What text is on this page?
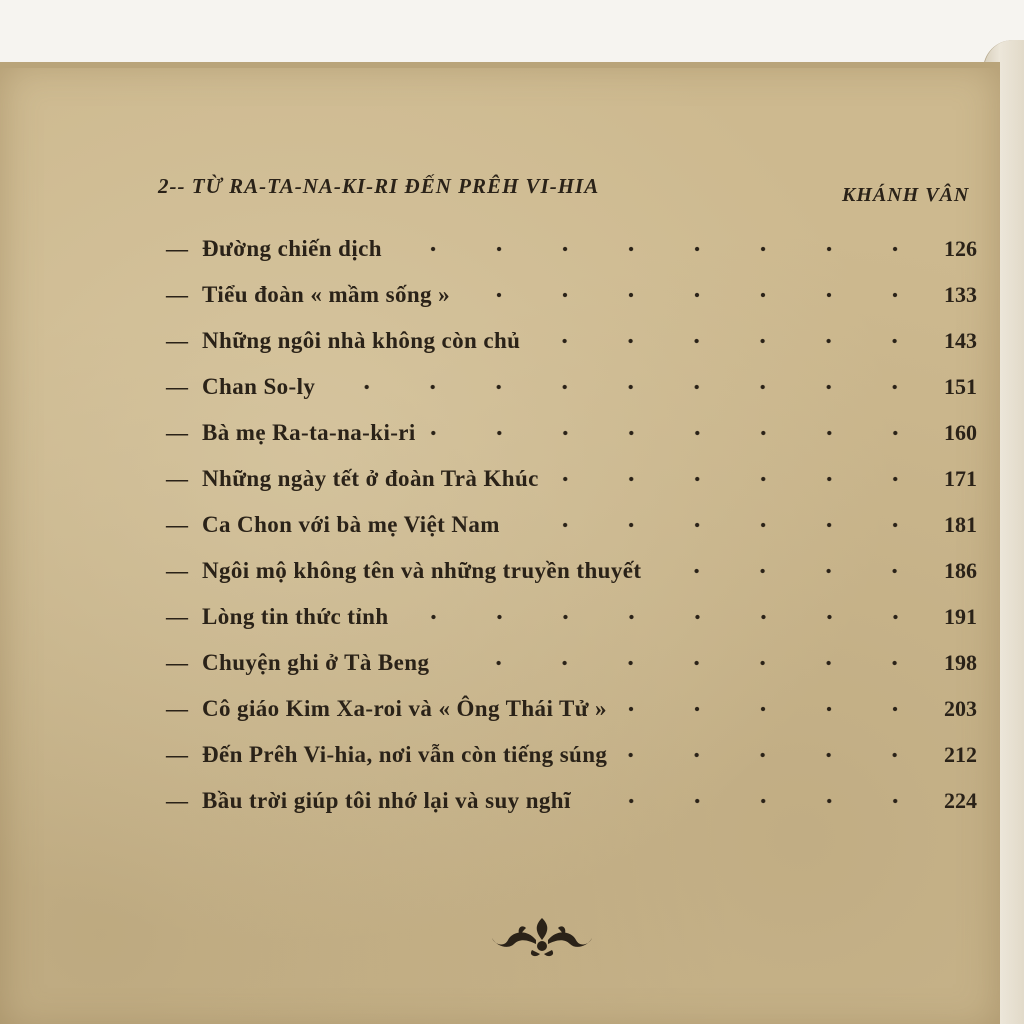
2-- TỪ RA-TA-NA-KI-RI ĐẾN PRÊH VI-HIA	KHÁNH VÂN
— Đường chiến dịch	126
— Tiểu đoàn « mầm sống »	133
— Những ngôi nhà không còn chủ	143
— Chan So-ly	151
— Bà mẹ Ra-ta-na-ki-ri	160
— Những ngày tết ở đoàn Trà Khúc	171
— Ca Chon với bà mẹ Việt Nam	181
— Ngôi mộ không tên và những truyền thuyết	186
— Lòng tin thức tỉnh	191
— Chuyện ghi ở Tà Beng	198
— Cô giáo Kim Xa-roi và « Ông Thái Tử »	203
— Đến Prêh Vi-hia, nơi vẫn còn tiếng súng	212
— Bầu trời giúp tôi nhớ lại và suy nghĩ	224
